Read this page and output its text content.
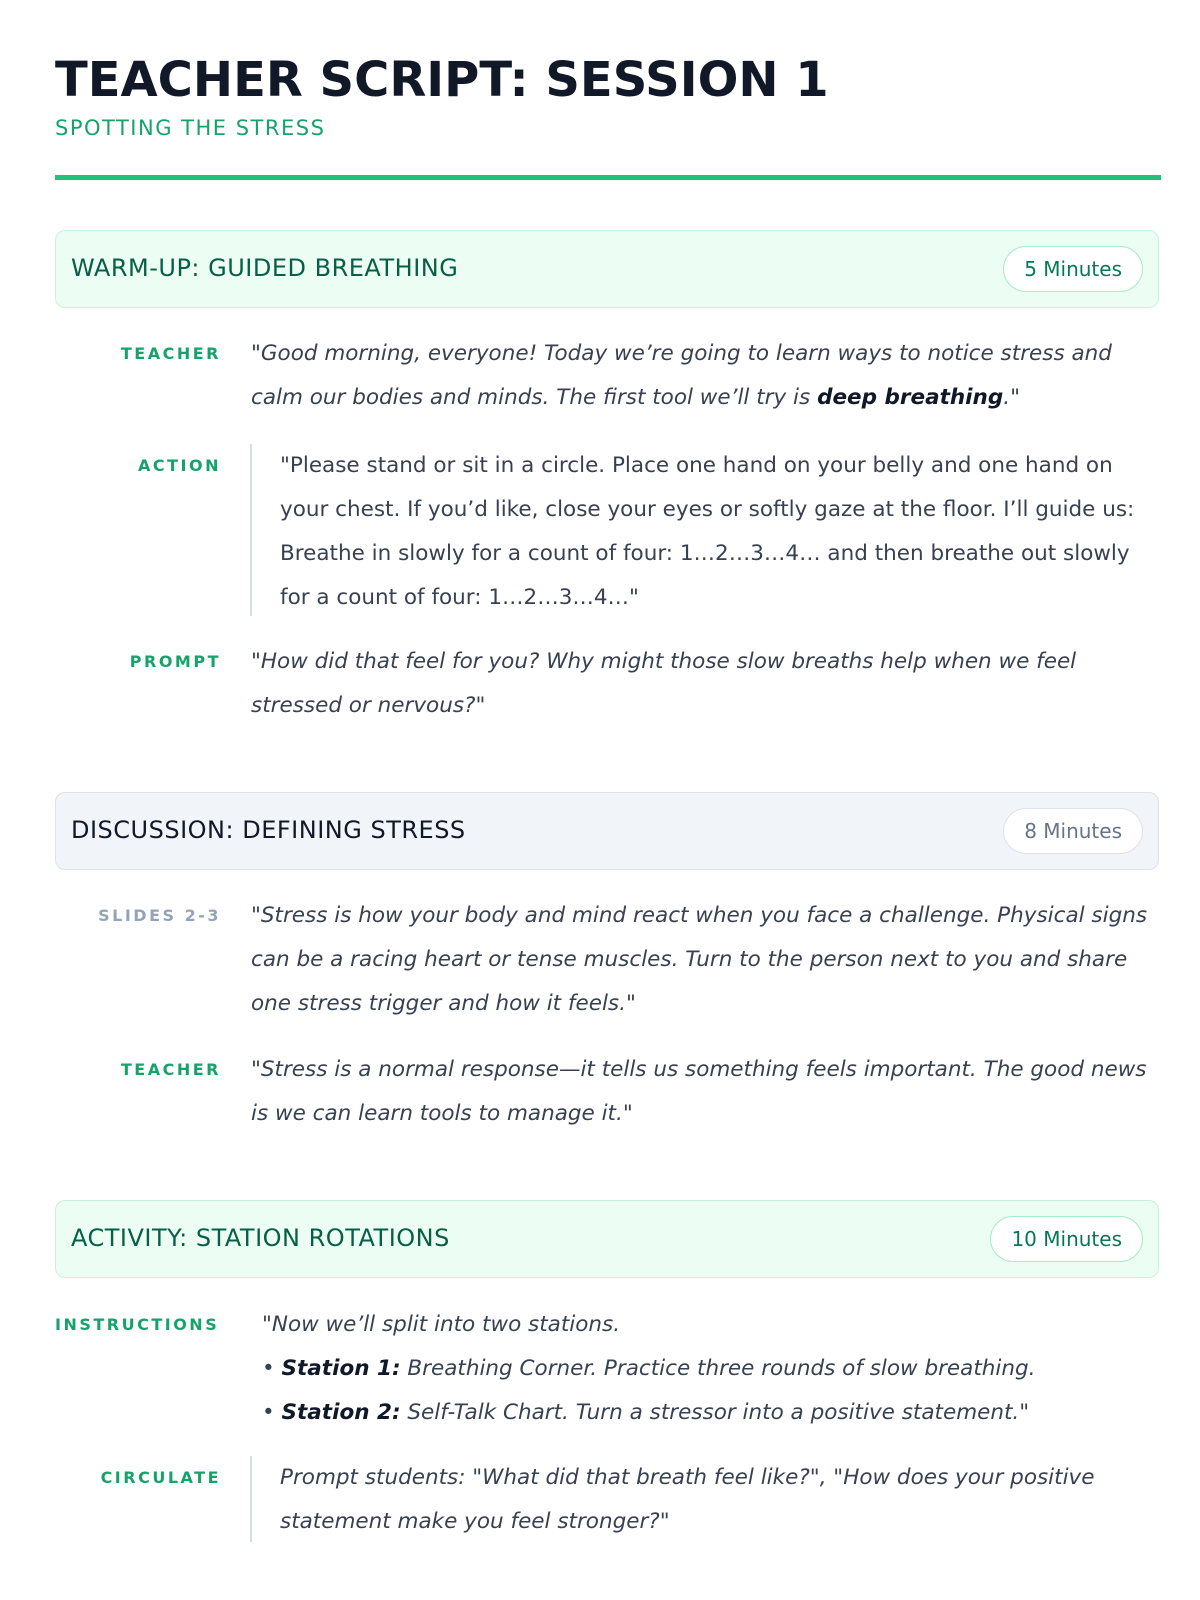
TEACHER SCRIPT: SESSION 1
SPOTTING THE STRESS
WARM-UP: GUIDED BREATHING	5 Minutes
TEACHER "Good morning, everyone! Today we’re going to learn ways to notice stress and calm our bodies and minds. The first tool we’ll try is deep breathing."
ACTION	"Please stand or sit in a circle. Place one hand on your belly and one hand on your chest. If you’d like, close your eyes or softly gaze at the floor. I’ll guide us: Breathe in slowly for a count of four: 1…2…3…4… and then breathe out slowly for a count of four: 1…2…3…4…"
PROMPT "How did that feel for you? Why might those slow breaths help when we feel stressed or nervous?"
DISCUSSION: DEFINING STRESS	8 Minutes
SLIDES 2-3 "Stress is how your body and mind react when you face a challenge. Physical signs can be a racing heart or tense muscles. Turn to the person next to you and share one stress trigger and how it feels."
TEACHER "Stress is a normal response—it tells us something feels important. The good news is we can learn tools to manage it."
ACTIVITY: STATION ROTATIONS	10 Minutes
INSTRUCTIONS "Now we’ll split into two stations.
• Station 1: Breathing Corner. Practice three rounds of slow breathing.
• Station 2: Self-Talk Chart. Turn a stressor into a positive statement."
CIRCULATE	Prompt students: "What did that breath feel like?", "How does your positive statement make you feel stronger?"
